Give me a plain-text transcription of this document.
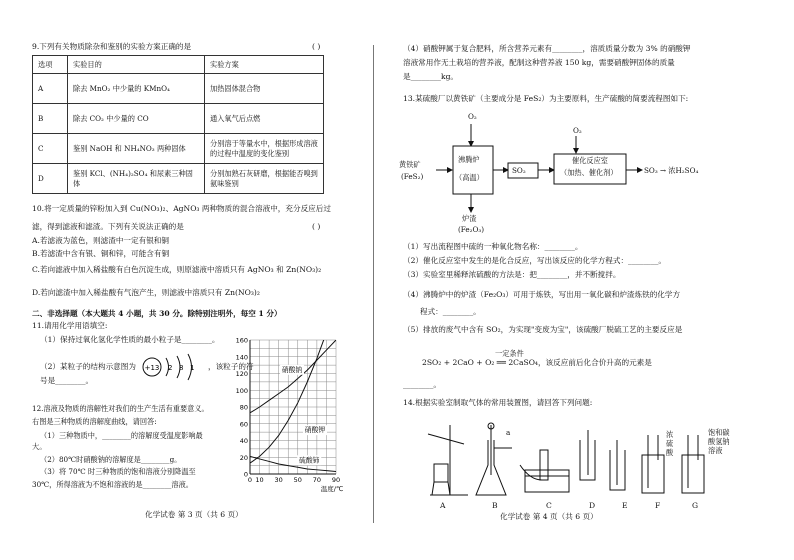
9.下列有关物质除杂和鉴别的实验方案正确的是	( )
选项	实验目的	实验方案
A	除去 MnO₂ 中少量的 KMnO₄	加热固体混合物
B	除去 CO₂ 中少量的 CO	通入氧气后点燃
C	鉴别 NaOH 和 NH₄NO₃ 两种固体	分别溶于等量水中，根据形成溶液的过程中温度的变化鉴别
D	鉴别 KCl、(NH₄)₂SO₄ 和尿素三种固体	分别加熟石灰研磨，根据能否嗅到氨味鉴别
10.将一定质量的锌粉加入到 Cu(NO₃)₂、AgNO₃ 两种物质的混合溶液中，充分反应后过
滤，得到滤液和滤渣。下列有关说法正确的是	( )
A.若滤液为蓝色，则滤渣中一定有银和铜
B.若滤渣中含有银、铜和锌，可能含有铜
C.若向滤液中加入稀盐酸有白色沉淀生成，则原滤液中溶质只有 AgNO₃ 和 Zn(NO₃)₂
D.若向滤渣中加入稀盐酸有气泡产生，则滤液中溶质只有 Zn(NO₃)₂
二、非选择题（本大题共 4 小题，共 30 分。除特别注明外，每空 1 分）
11.请用化学用语填空:
（1）保持过氧化氢化学性质的最小粒子是________。
（2）某粒子的结构示意图为 +13 2 8 1 ，该粒子的符
号是________。
12.溶液及物质的溶解性对我们的生产生活有重要意义。
右图是三种物质的溶解度曲线，请回答:
（1）三种物质中，________的溶解度受温度影响最
大。
（2）80℃时硝酸钠的溶解度是________g。
（3）将 70℃ 时三种物质的饱和溶液分别降温至
30℃，所得溶液为不饱和溶液的是________溶液。
0
20
40
60
80
100
120
140
160
0 10 30 50 70 90
温度/℃
硝酸钠
硝酸钾
硫酸铈
化学试卷 第 3 页（共 6 页）
（4）硝酸钾属于复合肥料，所含营养元素有________，溶质质量分数为 3% 的硝酸钾
溶液常用作无土栽培的营养液，配制这种营养液 150 kg，需要硝酸钾固体的质量
是________kg。
13.某硫酸厂以黄铁矿（主要成分是 FeS₂）为主要原料，生产硫酸的简要流程图如下:
O₂
O₂
黄铁矿
(FeS₂)
沸腾炉
（高温）
SO₂
催化反应室
（加热、催化剂）	SO₃ → 浓H₂SO₄
炉渣
(Fe₂O₃)
（1）写出流程图中硫的一种氧化物名称：________。
（2）催化反应室中发生的是化合反应，写出该反应的化学方程式：________。
（3）实验室里稀释浓硫酸的方法是：把________，并不断搅拌。
（4）沸腾炉中的炉渣（Fe₂O₃）可用于炼铁，写出用一氧化碳和炉渣炼铁的化学方
程式：________。
（5）排放的废气中含有 SO₂，为实现"变废为宝"，该硫酸厂脱硫工艺的主要反应是
一定条件
2SO₂ + 2CaO + O₂ ══ 2CaSO₄，该反应前后化合价升高的元素是
________。
14.根据实验室制取气体的常用装置图，请回答下列问题:
a	浓硫酸
饱和碳酸氢钠溶液
A	B	C	D	E	F	G
化学试卷 第 4 页（共 6 页）
